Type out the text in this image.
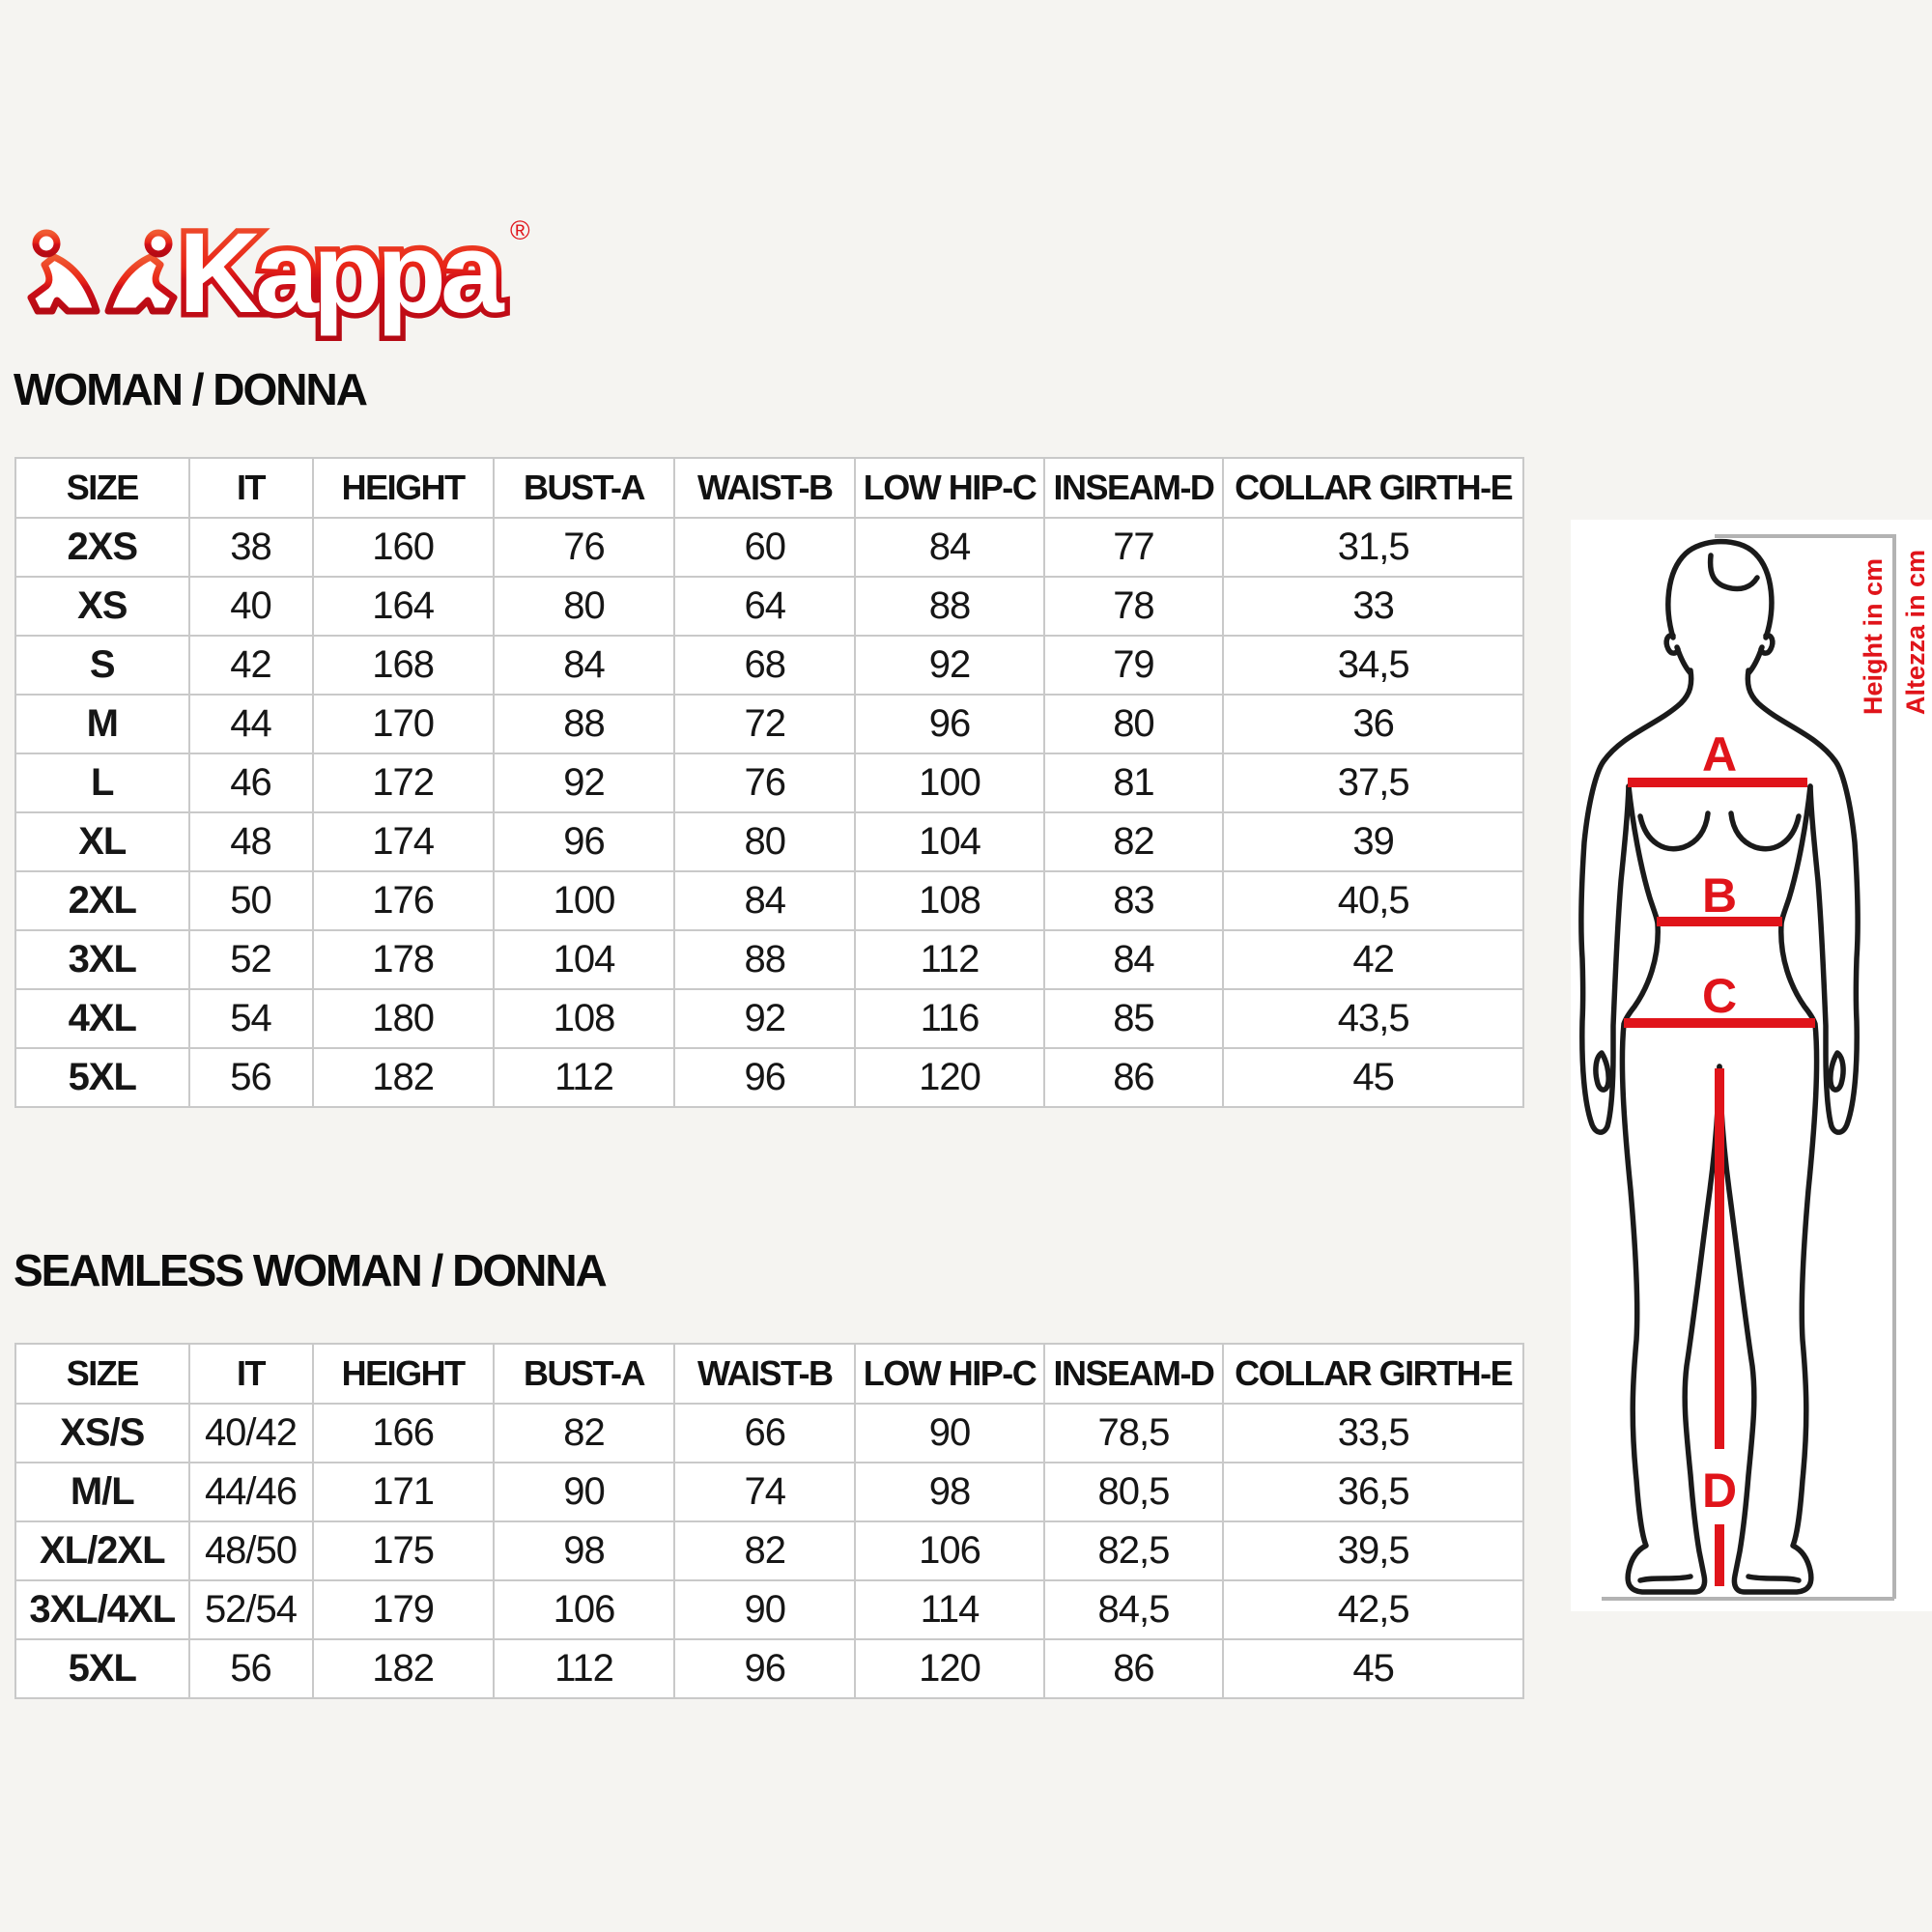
Kappa ®
WOMAN / DONNA
SIZE	IT	HEIGHT	BUST-A	WAIST-B	LOW HIP-C	INSEAM-D	COLLAR GIRTH-E
2XS	38	160	76	60	84	77	31,5
XS	40	164	80	64	88	78	33
S	42	168	84	68	92	79	34,5
M	44	170	88	72	96	80	36
L	46	172	92	76	100	81	37,5
XL	48	174	96	80	104	82	39
2XL	50	176	100	84	108	83	40,5
3XL	52	178	104	88	112	84	42
4XL	54	180	108	92	116	85	43,5
5XL	56	182	112	96	120	86	45
SEAMLESS WOMAN / DONNA
SIZE	IT	HEIGHT	BUST-A	WAIST-B	LOW HIP-C	INSEAM-D	COLLAR GIRTH-E
XS/S	40/42	166	82	66	90	78,5	33,5
M/L	44/46	171	90	74	98	80,5	36,5
XL/2XL	48/50	175	98	82	106	82,5	39,5
3XL/4XL	52/54	179	106	90	114	84,5	42,5
5XL	56	182	112	96	120	86	45
A
B
C
D
Height in cm Altezza in cm
